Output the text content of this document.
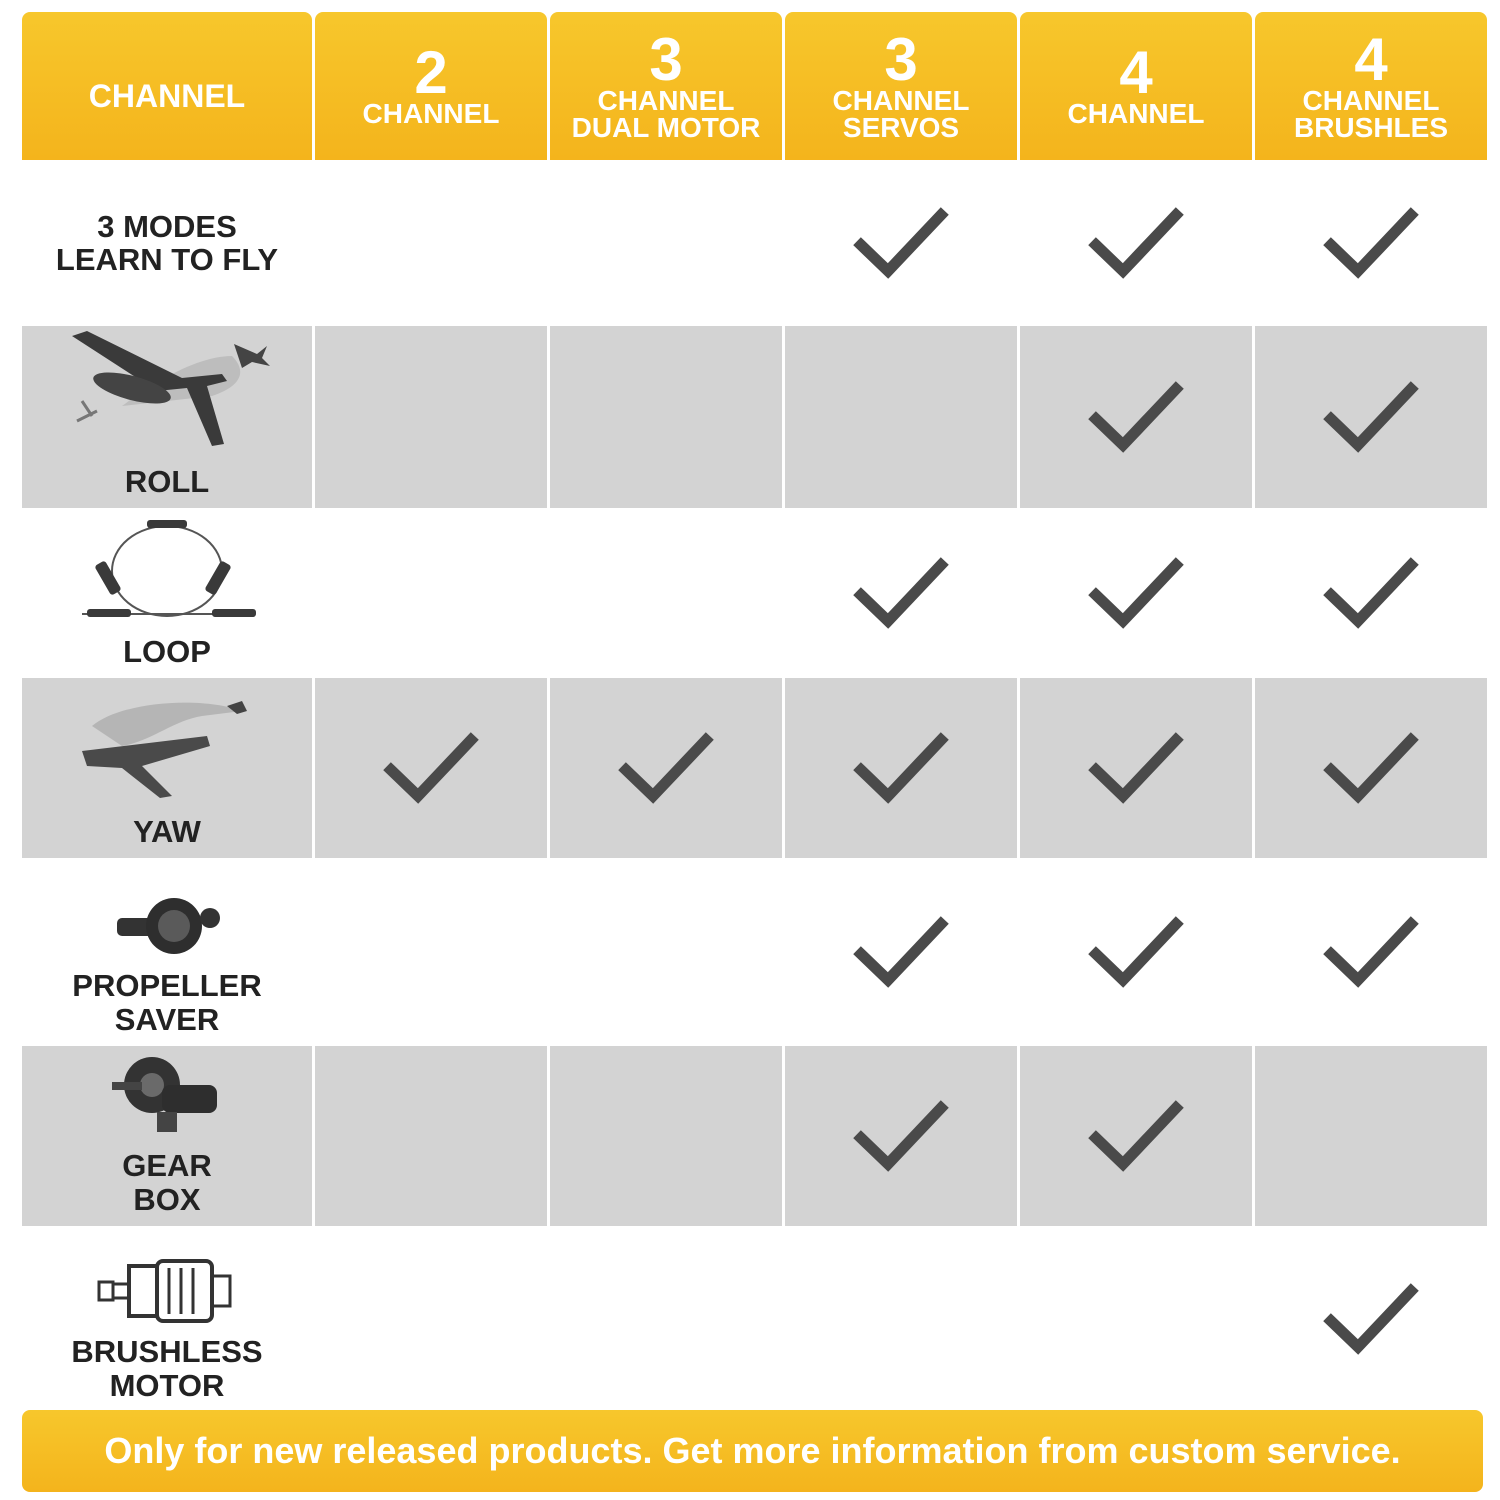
CHANNEL	2
CHANNEL
3
CHANNEL
DUAL MOTOR
3
CHANNEL
SERVOS
4
CHANNEL
4
CHANNEL
BRUSHLES
3 MODES
LEARN TO FLY
ROLL
LOOP
YAW
PROPELLER
SAVER
GEAR
BOX
BRUSHLESS
MOTOR
Only for new released products. Get more information from custom service.
